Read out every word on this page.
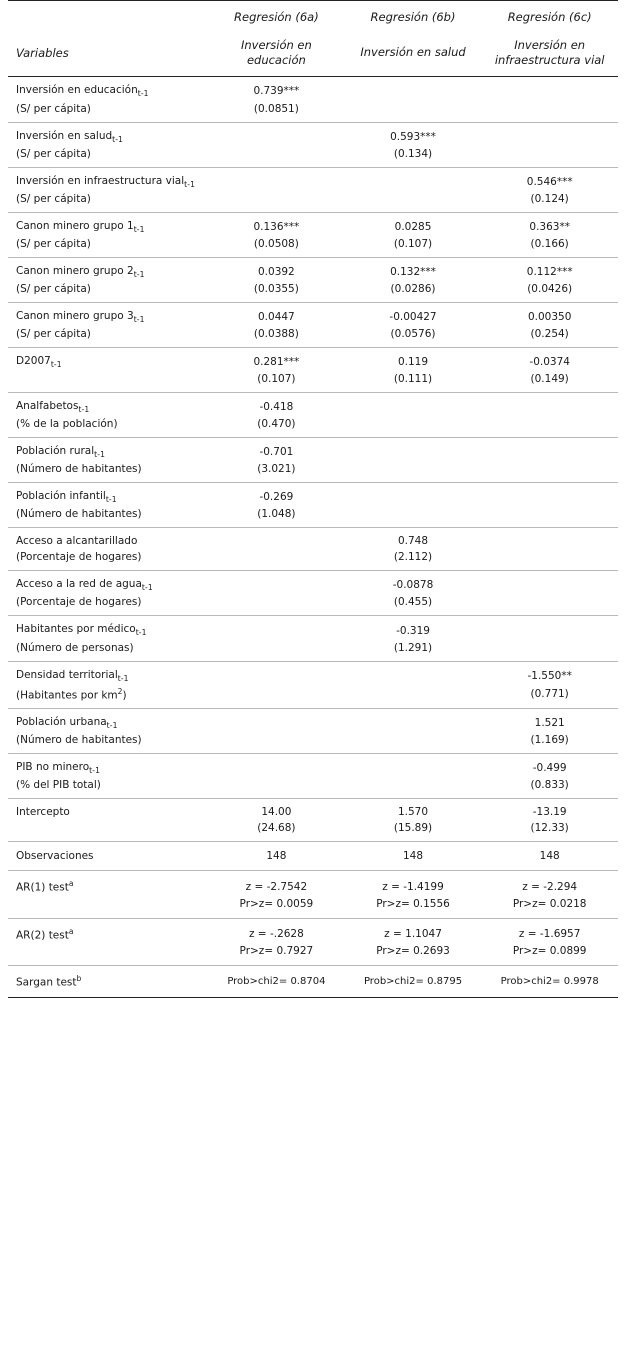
	Regresión (6a)	Regresión (6b)	Regresión (6c)
Variables	Inversión en educación	Inversión en salud	Inversión en infraestructura vial
Inversión en educación$_{t-1}$	0.739***		
(S/ per cápita)	(0.0851)		
Inversión en salud$_{t-1}$		0.593***	
(S/ per cápita)		(0.134)	
Inversión en infraestructura vial$_{t-1}$			0.546***
(S/ per cápita)			(0.124)
Canon minero grupo $1_{t-1}$	0.136***	0.0285	0.363**
(S/ per cápita)	(0.0508)	(0.107)	(0.166)
Canon minero grupo $2_{t-1}$	0.0392	0.132***	0.112***
(S/ per cápita)	(0.0355)	(0.0286)	(0.0426)
Canon minero grupo $3_{t-1}$	0.0447	-0.00427	0.00350
(S/ per cápita)	(0.0388)	(0.0576)	(0.254)
$D2007_{t-1}$	0.281***	0.119	-0.0374
	(0.107)	(0.111)	(0.149)
Analfabetos$_{t-1}$	-0.418		
(% de la población)	(0.470)		
Población rural$_{t-1}$	-0.701		
(Número de habitantes)	(3.021)		
Población infantil$_{t-1}$	-0.269		
(Número de habitantes)	(1.048)		
Acceso a alcantarillado		0.748	
(Porcentaje de hogares)		(2.112)	
Acceso a la red de agua$_{t-1}$		-0.0878	
(Porcentaje de hogares)		(0.455)	
Habitantes por médico$_{t-1}$		-0.319	
(Número de personas)		(1.291)	
Densidad territorial$_{t-1}$			-1.550**
(Habitantes por $km^2$)			(0.771)
Población urbana$_{t-1}$			1.521
(Número de habitantes)			(1.169)
PIB no minero$_{t-1}$			-0.499
(% del PIB total)			(0.833)
Intercepto	14.00	1.570	-13.19
	(24.68)	(15.89)	(12.33)
Observaciones	148	148	148
AR(1) test$^a$	z = -2.7542	z = -1.4199	z = -2.294
	Pr>z= 0.0059	Pr>z= 0.1556	Pr>z= 0.0218
AR(2) test$^a$	z = -.2628	z = 1.1047	z = -1.6957
	Pr>z= 0.7927	Pr>z= 0.2693	Pr>z= 0.0899
Sargan test$^b$	Prob>chi2= 0.8704	Prob>chi2= 0.8795	Prob>chi2= 0.9978
